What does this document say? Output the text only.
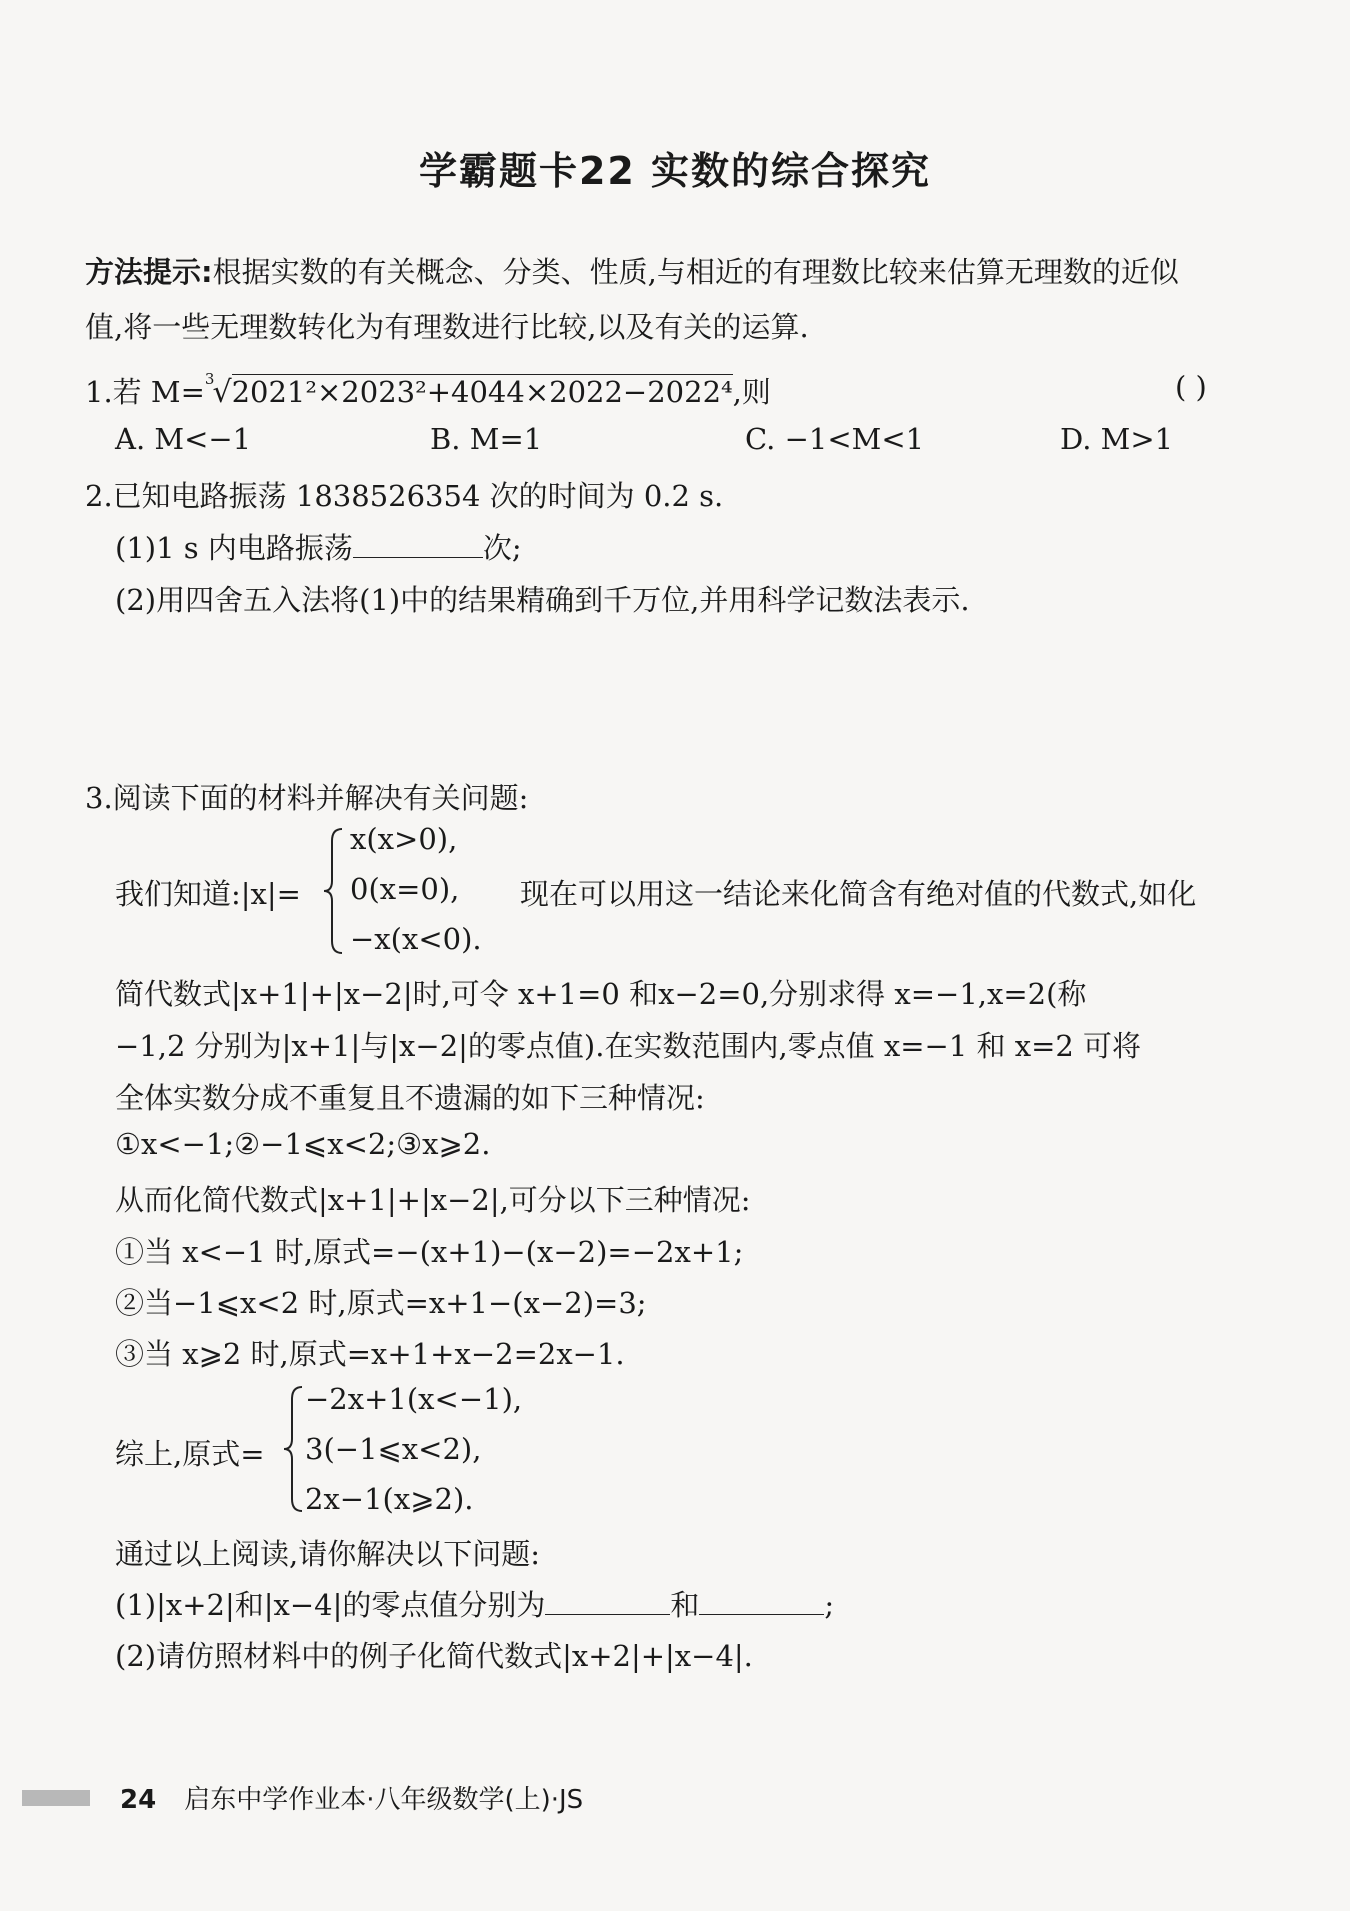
学霸题卡22 实数的综合探究
方法提示:根据实数的有关概念、分类、性质,与相近的有理数比较来估算无理数的近似
值,将一些无理数转化为有理数进行比较,以及有关的运算.
1.若 M=$^3$√2021²×2023²+4044×2022−2022⁴,则	( )
A. M<−1	B. M=1	C. −1<M<1	D. M>1
2.已知电路振荡 1838526354 次的时间为 0.2 s.
(1)1 s 内电路振荡	次;
(2)用四舍五入法将(1)中的结果精确到千万位,并用科学记数法表示.
3.阅读下面的材料并解决有关问题:
我们知道:|x|=
x(x>0),
0(x=0),
−x(x<0).
现在可以用这一结论来化简含有绝对值的代数式,如化
简代数式|x+1|+|x−2|时,可令 x+1=0 和x−2=0,分别求得 x=−1,x=2(称
−1,2 分别为|x+1|与|x−2|的零点值).在实数范围内,零点值 x=−1 和 x=2 可将
全体实数分成不重复且不遗漏的如下三种情况:
①x<−1;②−1⩽x<2;③x⩾2.
从而化简代数式|x+1|+|x−2|,可分以下三种情况:
①当 x<−1 时,原式=−(x+1)−(x−2)=−2x+1;
②当−1⩽x<2 时,原式=x+1−(x−2)=3;
③当 x⩾2 时,原式=x+1+x−2=2x−1.
综上,原式=
−2x+1(x<−1),
3(−1⩽x<2),
2x−1(x⩾2).
通过以上阅读,请你解决以下问题:
(1)|x+2|和|x−4|的零点值分别为	和	;
(2)请仿照材料中的例子化简代数式|x+2|+|x−4|.
24 启东中学作业本·八年级数学(上)·JS
